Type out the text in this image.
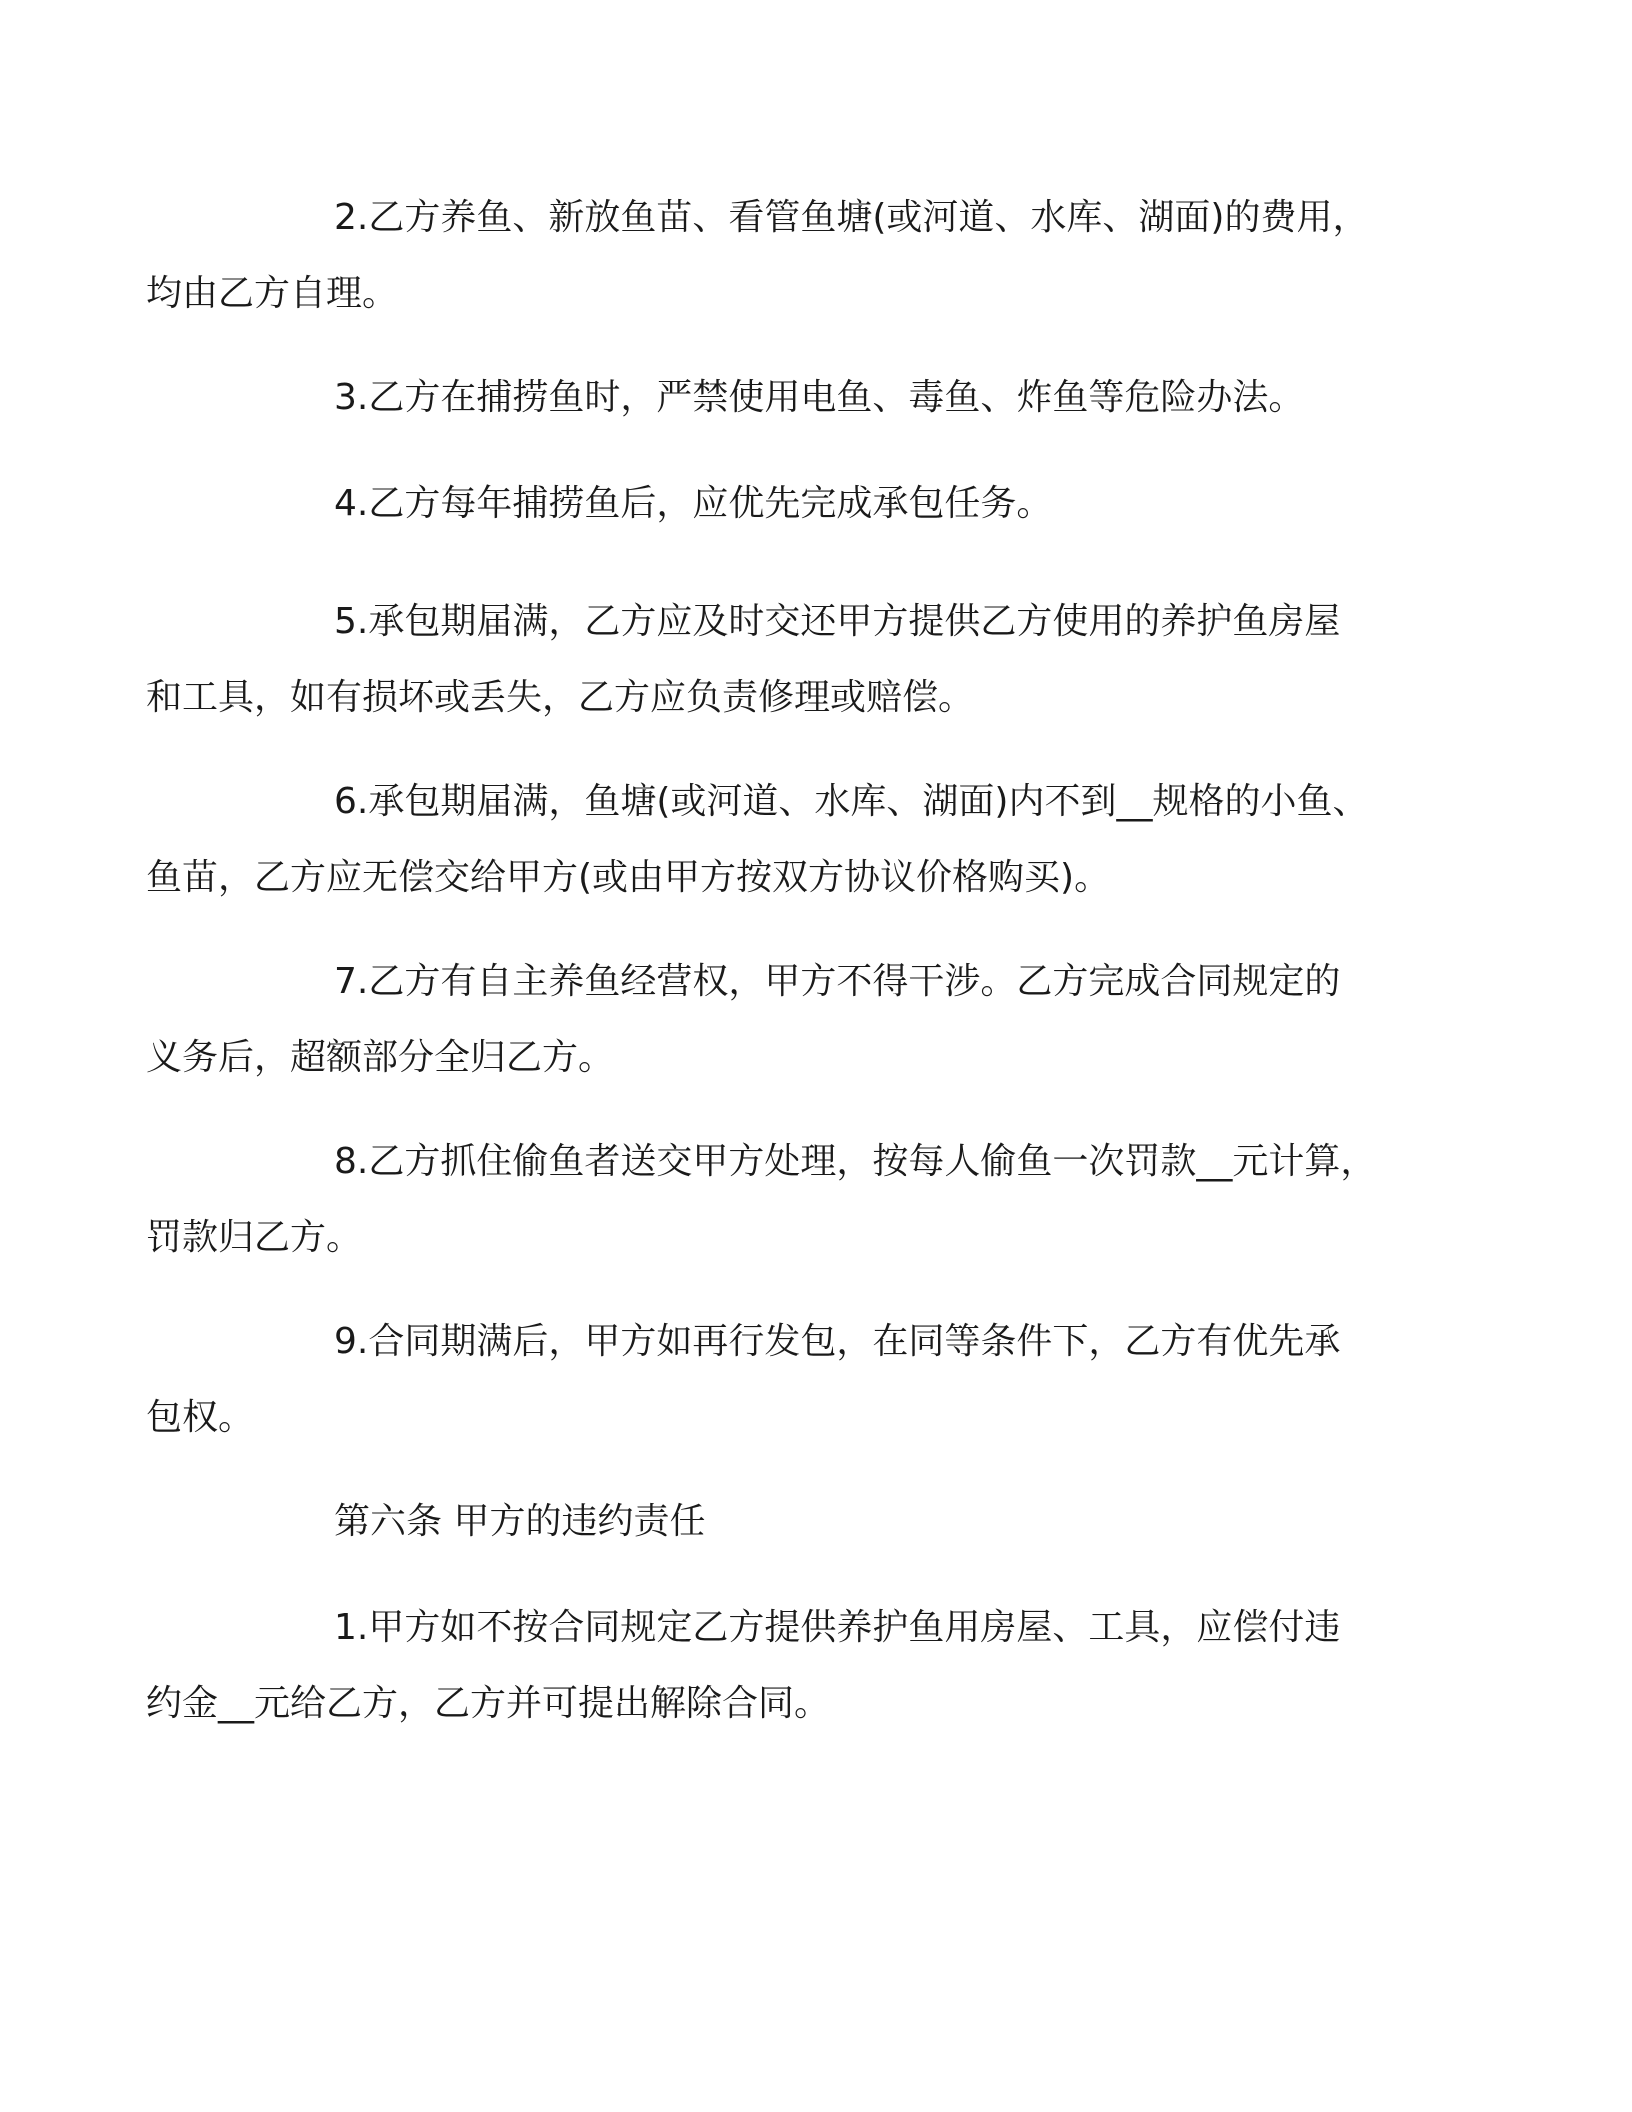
2.乙方养鱼、新放鱼苗、看管鱼塘(或河道、水库、湖面)的费用，
均由乙方自理。

3.乙方在捕捞鱼时，严禁使用电鱼、毒鱼、炸鱼等危险办法。

4.乙方每年捕捞鱼后，应优先完成承包任务。

5.承包期届满，乙方应及时交还甲方提供乙方使用的养护鱼房屋
和工具，如有损坏或丢失，乙方应负责修理或赔偿。

6.承包期届满，鱼塘(或河道、水库、湖面)内不到__规格的小鱼、
鱼苗，乙方应无偿交给甲方(或由甲方按双方协议价格购买)。

7.乙方有自主养鱼经营权，甲方不得干涉。乙方完成合同规定的
义务后，超额部分全归乙方。

8.乙方抓住偷鱼者送交甲方处理，按每人偷鱼一次罚款__元计算，
罚款归乙方。

9.合同期满后，甲方如再行发包，在同等条件下，乙方有优先承
包权。

第六条 甲方的违约责任

1.甲方如不按合同规定乙方提供养护鱼用房屋、工具，应偿付违
约金__元给乙方，乙方并可提出解除合同。
